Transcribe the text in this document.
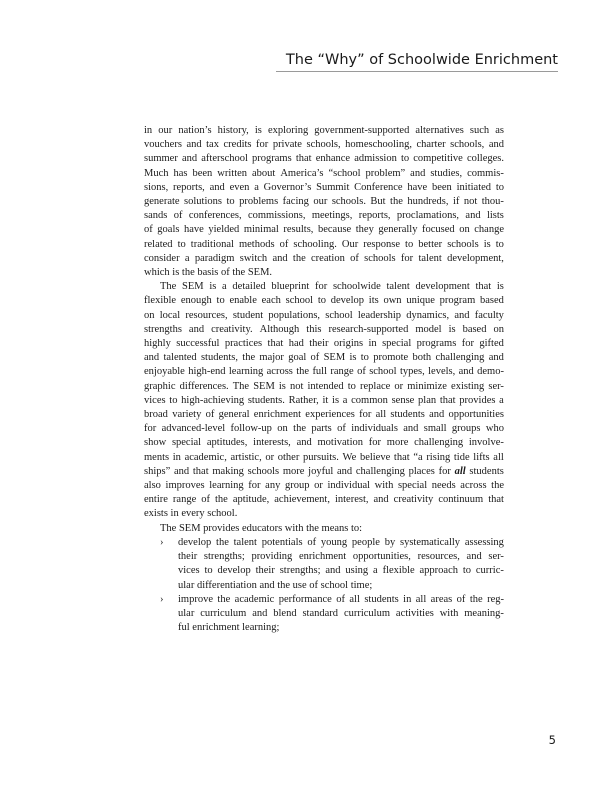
The “Why” of Schoolwide Enrichment
in our nation’s history, is exploring government-supported alternatives such as
vouchers and tax credits for private schools, homeschooling, charter schools, and
summer and afterschool programs that enhance admission to competitive colleges.
Much has been written about America’s “school problem” and studies, commis-
sions, reports, and even a Governor’s Summit Conference have been initiated to
generate solutions to problems facing our schools. But the hundreds, if not thou-
sands of conferences, commissions, meetings, reports, proclamations, and lists
of goals have yielded minimal results, because they generally focused on change
related to traditional methods of schooling. Our response to better schools is to
consider a paradigm switch and the creation of schools for talent development,
which is the basis of the SEM.
The SEM is a detailed blueprint for schoolwide talent development that is
flexible enough to enable each school to develop its own unique program based
on local resources, student populations, school leadership dynamics, and faculty
strengths and creativity. Although this research-supported model is based on
highly successful practices that had their origins in special programs for gifted
and talented students, the major goal of SEM is to promote both challenging and
enjoyable high-end learning across the full range of school types, levels, and demo-
graphic differences. The SEM is not intended to replace or minimize existing ser-
vices to high-achieving students. Rather, it is a common sense plan that provides a
broad variety of general enrichment experiences for all students and opportunities
for advanced-level follow-up on the parts of individuals and small groups who
show special aptitudes, interests, and motivation for more challenging involve-
ments in academic, artistic, or other pursuits. We believe that “a rising tide lifts all
ships” and that making schools more joyful and challenging places for all students
also improves learning for any group or individual with special needs across the
entire range of the aptitude, achievement, interest, and creativity continuum that
exists in every school.
The SEM provides educators with the means to:
›	develop the talent potentials of young people by systematically assessing
their strengths; providing enrichment opportunities, resources, and ser-
vices to develop their strengths; and using a flexible approach to curric-
ular differentiation and the use of school time;
›	improve the academic performance of all students in all areas of the reg-
ular curriculum and blend standard curriculum activities with meaning-
ful enrichment learning;
5
